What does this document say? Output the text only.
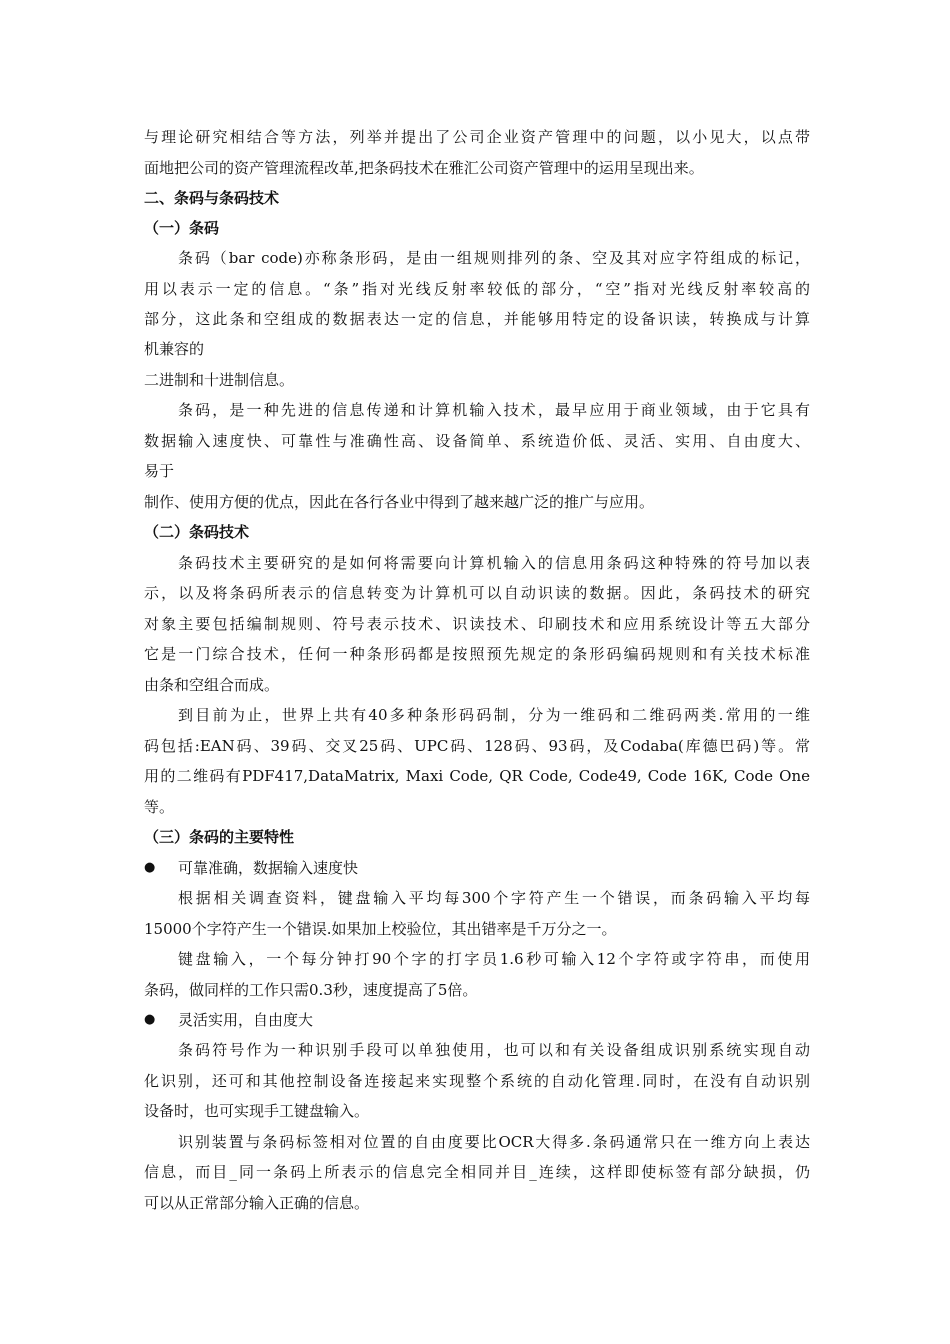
与理论研究相结合等方法，列举并提出了公司企业资产管理中的问题，以小见大，以点带
面地把公司的资产管理流程改革,把条码技术在雅汇公司资产管理中的运用呈现出来。
二、条码与条码技术
（一）条码
条码（bar code)亦称条形码，是由一组规则排列的条、空及其对应字符组成的标记，
用以表示一定的信息。“条”指对光线反射率较低的部分，“空”指对光线反射率较高的
部分，这此条和空组成的数据表达一定的信息，并能够用特定的设备识读，转换成与计算
机兼容的
二进制和十进制信息。
条码，是一种先进的信息传递和计算机输入技术，最早应用于商业领域，由于它具有
数据输入速度快、可靠性与准确性高、设备简单、系统造价低、灵活、实用、自由度大、
易于
制作、使用方便的优点，因此在各行各业中得到了越来越广泛的推广与应用。
（二）条码技术
条码技术主要研究的是如何将需要向计算机输入的信息用条码这种特殊的符号加以表
示，以及将条码所表示的信息转变为计算机可以自动识读的数据。因此，条码技术的研究
对象主要包括编制规则、符号表示技术、识读技术、印刷技术和应用系统设计等五大部分
它是一门综合技术，任何一种条形码都是按照预先规定的条形码编码规则和有关技术标准
由条和空组合而成。
到目前为止，世界上共有40多种条形码码制，分为一维码和二维码两类.常用的一维
码包括:EAN码、39码、交叉25码、UPC码、128码、93码，及Codaba(库德巴码)等。常
用的二维码有PDF417,DataMatrix, Maxi Code, QR Code, Code49, Code 16K, Code One
等。
（三）条码的主要特性
根据相关调查资料，键盘输入平均每300个字符产生一个错误，而条码输入平均每
15000个字符产生一个错误.如果加上校验位，其出错率是千万分之一。
键盘输入，一个每分钟打90个字的打字员1.6秒可输入12个字符或字符串，而使用
条码，做同样的工作只需0.3秒，速度提高了5倍。
条码符号作为一种识别手段可以单独使用，也可以和有关设备组成识别系统实现自动
化识别，还可和其他控制设备连接起来实现整个系统的自动化管理.同时，在没有自动识别
设备时，也可实现手工键盘输入。
识别装置与条码标签相对位置的自由度要比OCR大得多.条码通常只在一维方向上表达
信息，而目_同一条码上所表示的信息完全相同并目_连续，这样即使标签有部分缺损，仍
可以从正常部分输入正确的信息。
● 可靠准确，数据输入速度快
● 灵活实用，自由度大
